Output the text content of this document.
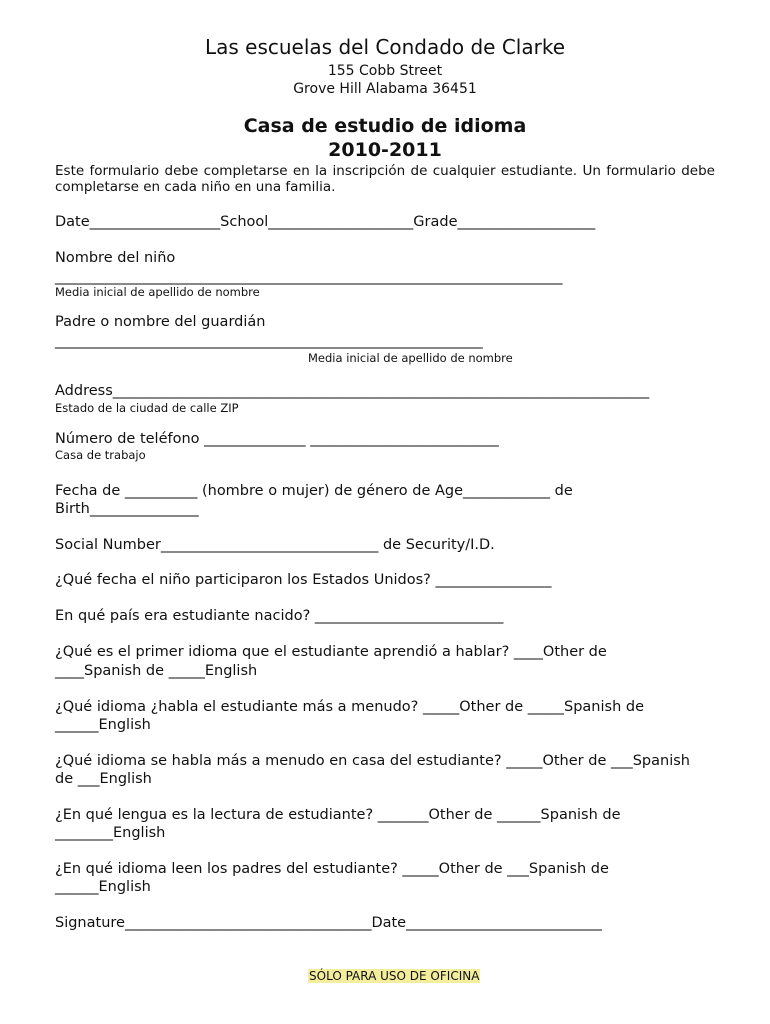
Las escuelas del Condado de Clarke
155 Cobb Street
Grove Hill Alabama 36451
Casa de estudio de idioma
2010-2011
Este formulario debe completarse en la inscripción de cualquier estudiante. Un formulario debe completarse en cada niño en una familia.
Date__________________School____________________Grade___________________
Nombre del niño
______________________________________________________________________
Media inicial de apellido de nombre
Padre o nombre del guardián
___________________________________________________________
Media inicial de apellido de nombre
Address__________________________________________________________________________
Estado de la ciudad de calle ZIP
Número de teléfono ______________ __________________________
Casa de trabajo
Fecha de __________ (hombre o mujer) de género de Age____________ de
Birth_______________
Social Number______________________________ de Security/I.D.
¿Qué fecha el niño participaron los Estados Unidos? ________________
En qué país era estudiante nacido? __________________________
¿Qué es el primer idioma que el estudiante aprendió a hablar? ____Other de
____Spanish de _____English
¿Qué idioma ¿habla el estudiante más a menudo? _____Other de _____Spanish de
______English
¿Qué idioma se habla más a menudo en casa del estudiante? _____Other de ___Spanish
de ___English
¿En qué lengua es la lectura de estudiante? _______Other de ______Spanish de
________English
¿En qué idioma leen los padres del estudiante? _____Other de ___Spanish de
______English
Signature__________________________________Date___________________________

SÓLO PARA USO DE OFICINA
